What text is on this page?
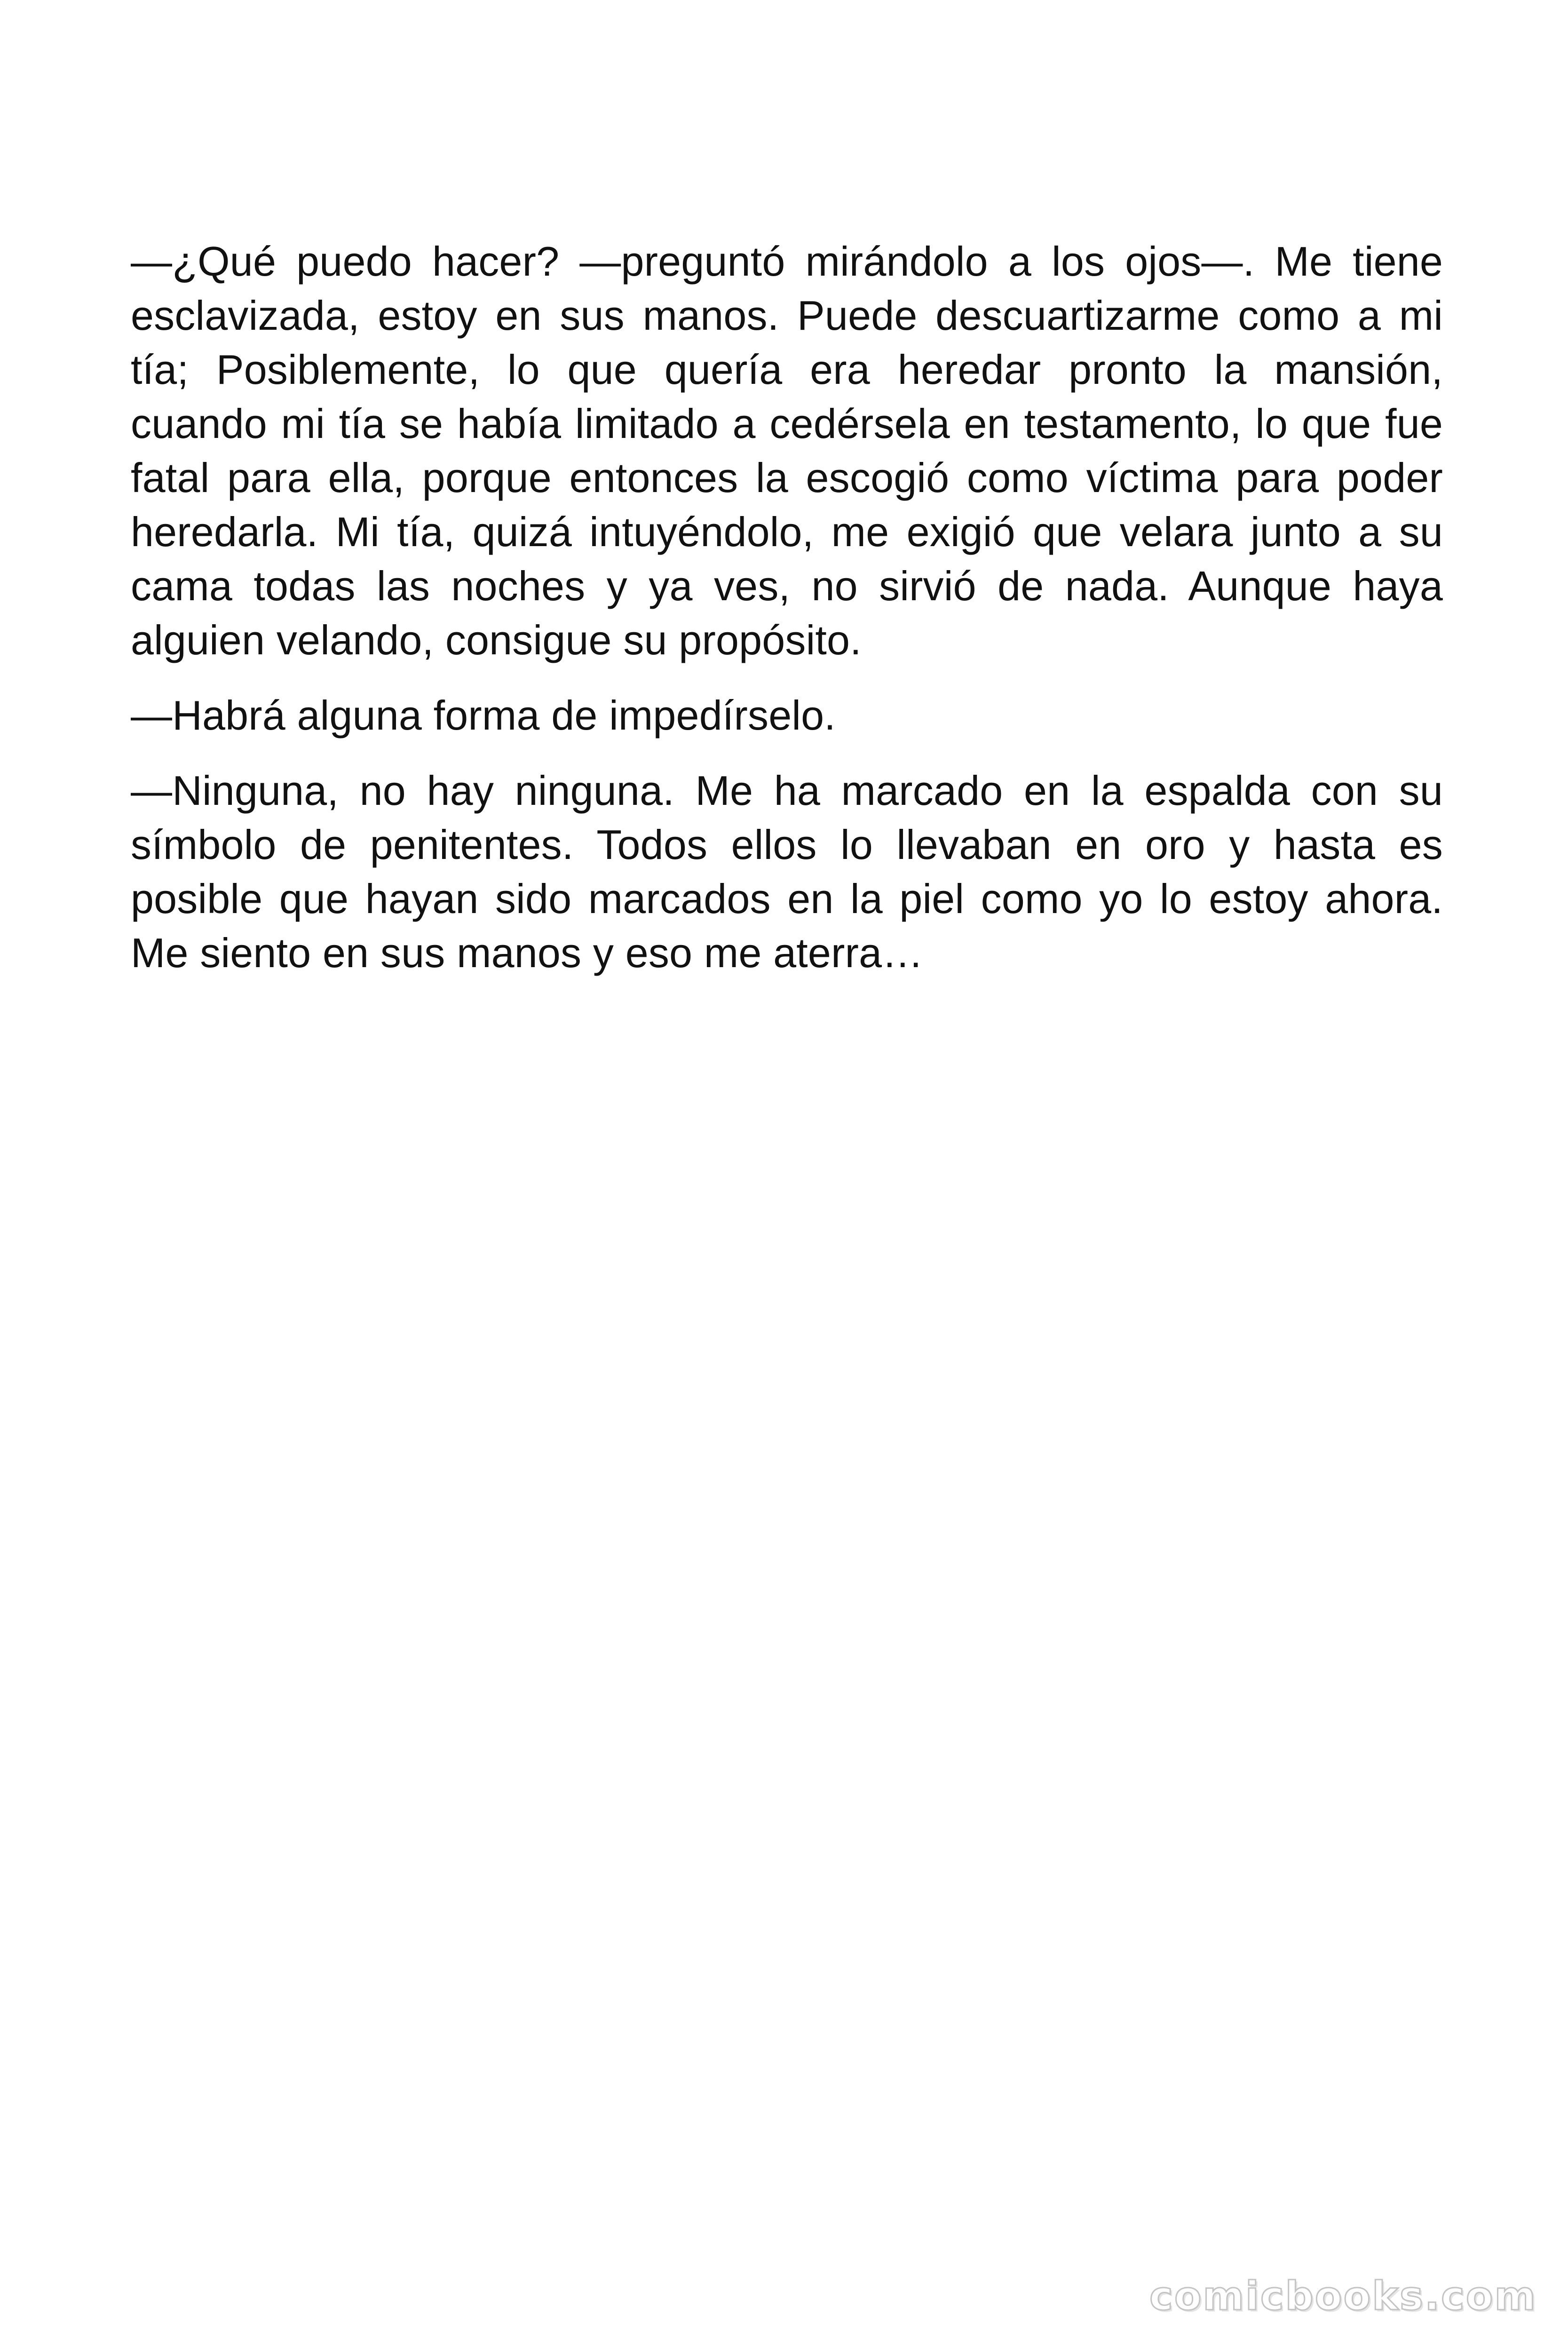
—¿Qué puedo hacer? —preguntó mirándolo a los ojos—. Me tiene esclavizada, estoy en sus manos. Puede descuartizarme como a mi tía; Posiblemente, lo que quería era heredar pronto la mansión, cuando mi tía se había limitado a cedérsela en testamento, lo que fue fatal para ella, porque entonces la escogió como víctima para poder heredarla. Mi tía, quizá intuyéndolo, me exigió que velara junto a su cama todas las noches y ya ves, no sirvió de nada. Aunque haya alguien velando, consigue su propósito.

—Habrá alguna forma de impedírselo.

—Ninguna, no hay ninguna. Me ha marcado en la espalda con su símbolo de penitentes. Todos ellos lo llevaban en oro y hasta es posible que hayan sido marcados en la piel como yo lo estoy ahora. Me siento en sus manos y eso me aterra…

comicbooks.com
